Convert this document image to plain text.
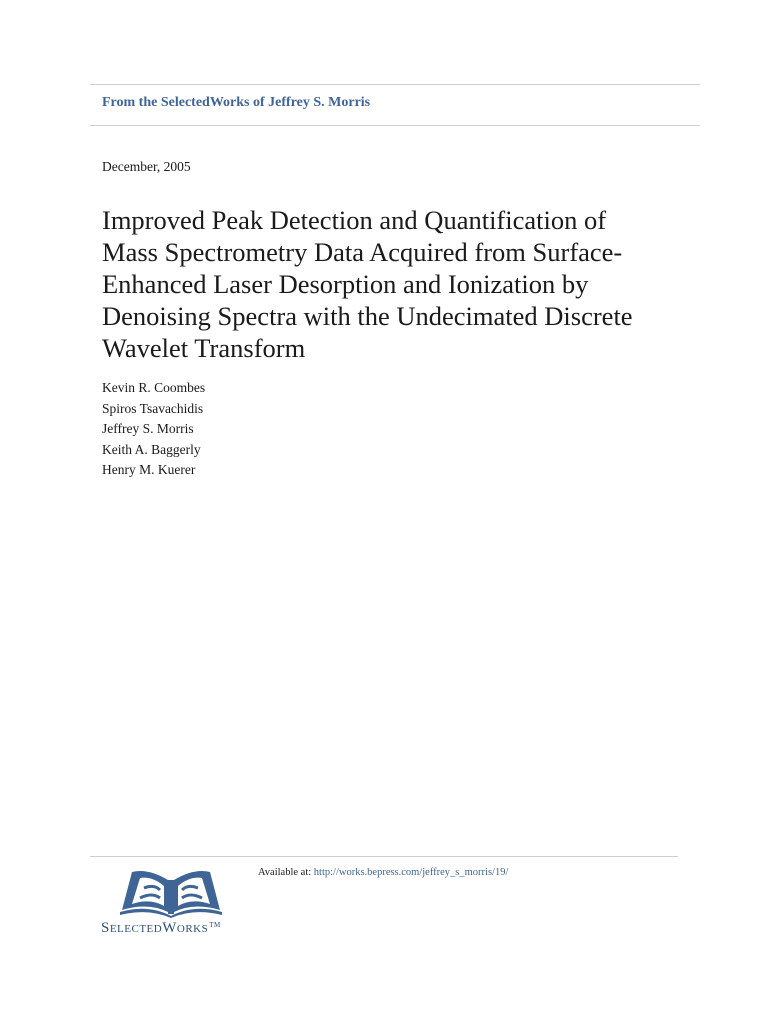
From the SelectedWorks of Jeffrey S. Morris
December, 2005
Improved Peak Detection and Quantification of
Mass Spectrometry Data Acquired from Surface-
Enhanced Laser Desorption and Ionization by
Denoising Spectra with the Undecimated Discrete
Wavelet Transform
Kevin R. Coombes
Spiros Tsavachidis
Jeffrey S. Morris
Keith A. Baggerly
Henry M. Kuerer
SelectedWorks™
Available at: http://works.bepress.com/jeffrey_s_morris/19/
